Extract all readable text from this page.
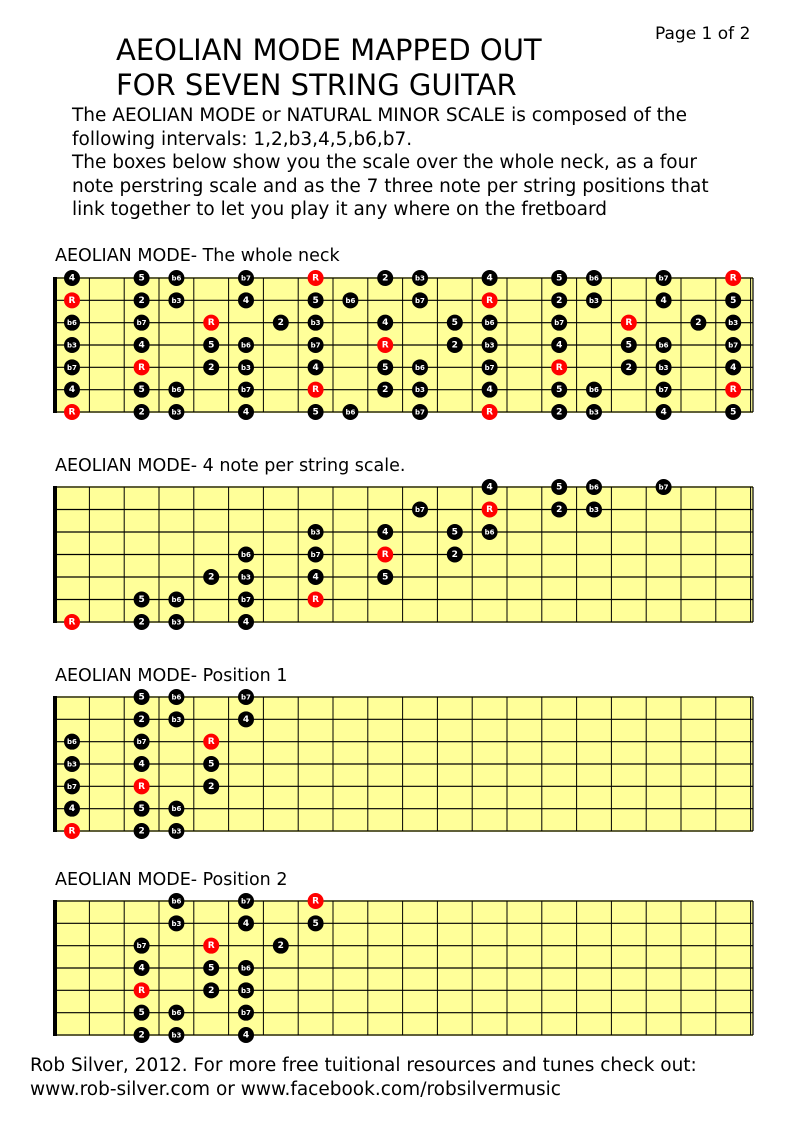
Page 1 of 2
AEOLIAN MODE MAPPED OUT
FOR SEVEN STRING GUITAR
The AEOLIAN MODE or NATURAL MINOR SCALE is composed of the
following intervals: 1,2,b3,4,5,b6,b7.
The boxes below show you the scale over the whole neck, as a four
note perstring scale and as the 7 three note per string positions that
link together to let you play it any where on the fretboard
AEOLIAN MODE- The whole neck
AEOLIAN MODE- 4 note per string scale.
AEOLIAN MODE- Position 1
AEOLIAN MODE- Position 2
4	5	b6	b7	R	2	b3	4	5	b6	b7	R
R	2	b3	4	5	b6	b7	R	2	b3	4	5
b6	b7	R	2	b3	4	5	b6	b7	R	2	b3
b3	4	5	b6	b7	R	2	b3	4	5	b6	b7
b7	R	2	b3	4	5	b6	b7	R	2	b3	4
4	5	b6	b7	R	2	b3	4	5	b6	b7	R
R	2	b3	4	5	b6	b7	R	2	b3	4	5
4	5	b6	b7
b7	R	2	b3
b3	4	5	b6
b6	b7	R	2
2	b3	4	5
5	b6	b7	R
R	2	b3	4
5	b6	b7
2	b3	4
b6	b7	R
b3	4	5
b7	R	2
4	5	b6
R	2	b3
b6	b7	R
b3	4	5
b7	R	2
4	5	b6
R	2	b3
5	b6	b7
2	b3	4
Rob Silver, 2012. For more free tuitional resources and tunes check out:
www.rob-silver.com or www.facebook.com/robsilvermusic
